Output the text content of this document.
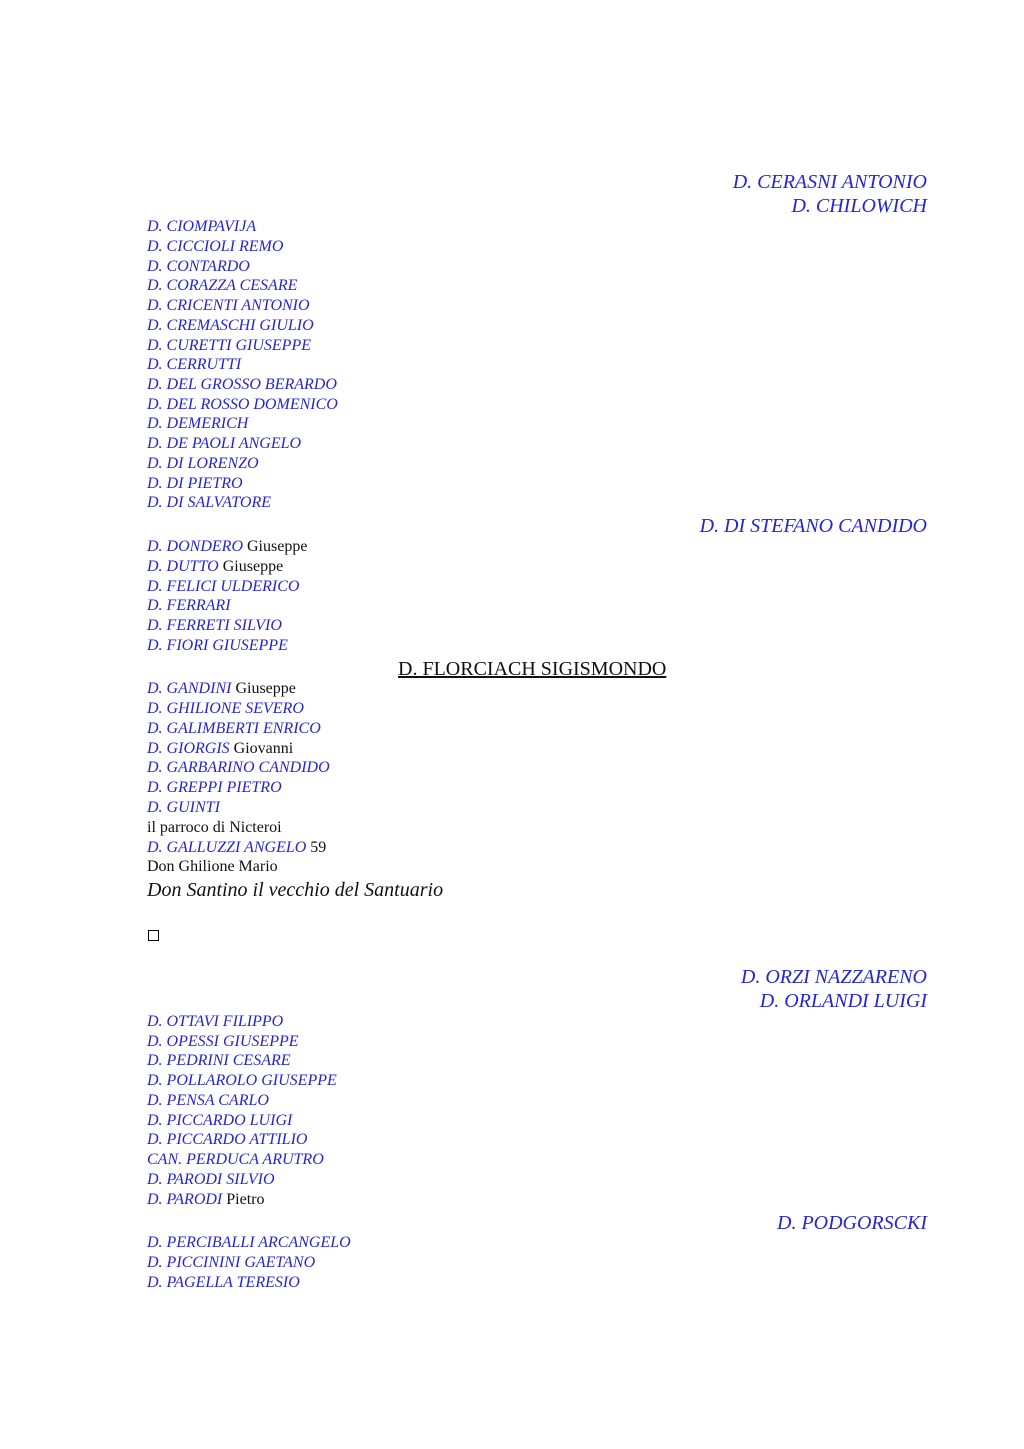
D. CERASNI ANTONIO
D. CHILOWICH
D. CIOMPAVIJA
D. CICCIOLI REMO
D. CONTARDO
D. CORAZZA CESARE
D. CRICENTI ANTONIO
D. CREMASCHI GIULIO
D. CURETTI GIUSEPPE
D. CERRUTTI
D. DEL GROSSO BERARDO
D. DEL ROSSO DOMENICO
D. DEMERICH
D. DE PAOLI ANGELO
D. DI LORENZO
D. DI PIETRO
D. DI SALVATORE
D. DI STEFANO CANDIDO
D. DONDERO Giuseppe
D. DUTTO Giuseppe
D. FELICI ULDERICO
D. FERRARI
D. FERRETI SILVIO
D. FIORI GIUSEPPE
D. FLORCIACH SIGISMONDO
D. GANDINI Giuseppe
D. GHILIONE SEVERO
D. GALIMBERTI ENRICO
D. GIORGIS Giovanni
D. GARBARINO CANDIDO
D. GREPPI PIETRO
D. GUINTI
il parroco di Nicteroi
D. GALLUZZI ANGELO 59
Don Ghilione Mario
Don Santino il vecchio del Santuario
D. ORZI NAZZARENO
D. ORLANDI LUIGI
D. OTTAVI FILIPPO
D. OPESSI GIUSEPPE
D. PEDRINI CESARE
D. POLLAROLO GIUSEPPE
D. PENSA CARLO
D. PICCARDO LUIGI
D. PICCARDO ATTILIO
CAN. PERDUCA ARUTRO
D. PARODI SILVIO
D. PARODI Pietro
D. PODGORSCKI
D. PERCIBALLI ARCANGELO
D. PICCININI GAETANO
D. PAGELLA TERESIO
